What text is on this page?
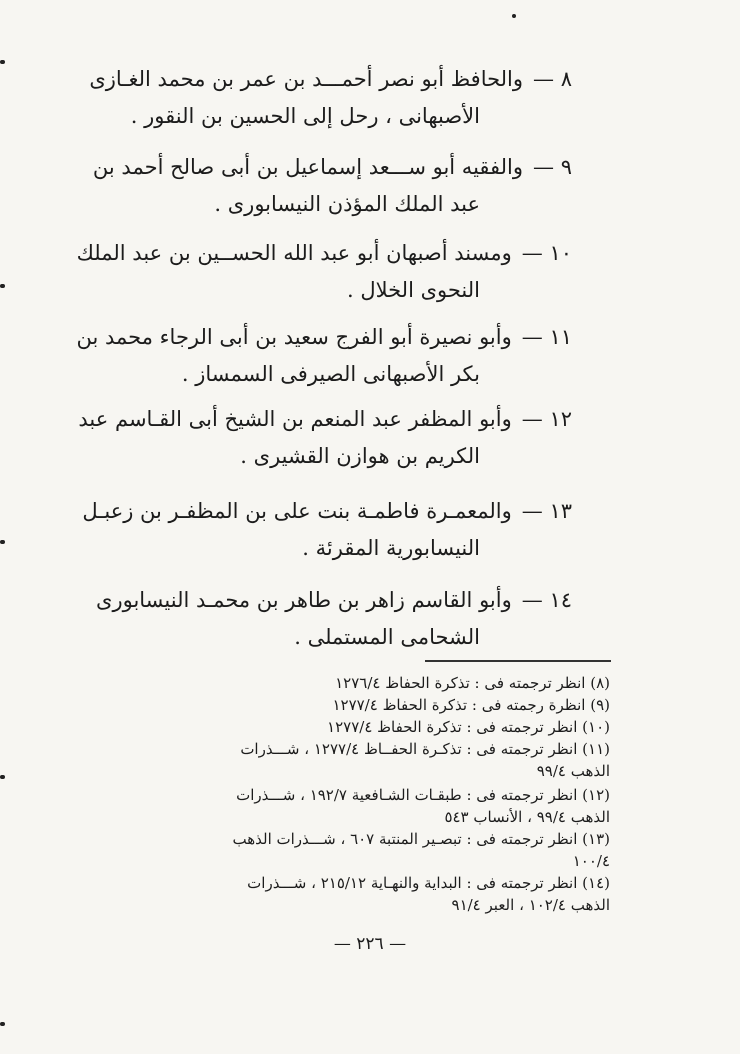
٨ —
والحافظ أبو نصر أحمـــد بن عمر بن محمد الغـازى
الأصبهانى ، رحل إلى الحسين بن النقور .
٩ —
والفقيه أبو ســـعد إسماعيل بن أبى صالح أحمد بن
عبد الملك المؤذن النيسابورى .
١٠ —
ومسند أصبهان أبو عبد الله الحســين بن عبد الملك
النحوى الخلال .
١١ —
وأبو نصيرة أبو الفرج سعيد بن أبى الرجاء محمد بن
بكر الأصبهانى الصيرفى السمساز .
١٢ —
وأبو المظفر عبد المنعم بن الشيخ أبى القـاسم عبد
الكريم بن هوازن القشيرى .
١٣ —
والمعمـرة فاطمـة بنت على بن المظفـر بن زعبـل
النيسابورية المقرئة .
١٤ —
وأبو القاسم زاهر بن طاهر بن محمـد النيسابورى
الشحامى المستملى .
(٨) انظر ترجمته فى : تذكرة الحفاظ ١٢٧٦/٤
(٩) انظرة رجمته فى : تذكرة الحفاظ ١٢٧٧/٤
(١٠) انظر ترجمته فى : تذكرة الحفاظ ١٢٧٧/٤
(١١) انظر ترجمته فى : تذكـرة الحفــاظ ١٢٧٧/٤ ، شـــذرات
الذهب ٩٩/٤
(١٢) انظر ترجمته فى : طبقـات الشـافعية ١٩٢/٧ ، شـــذرات
الذهب ٩٩/٤ ، الأنساب ٥٤٣
(١٣) انظر ترجمته فى : تبصـير المنتبة ٦٠٧ ، شـــذرات الذهب
١٠٠/٤
(١٤) انظر ترجمته فى : البداية والنهـاية ٢١٥/١٢ ، شـــذرات
الذهب ١٠٢/٤ ، العبر ٩١/٤
— ٢٢٦ —
